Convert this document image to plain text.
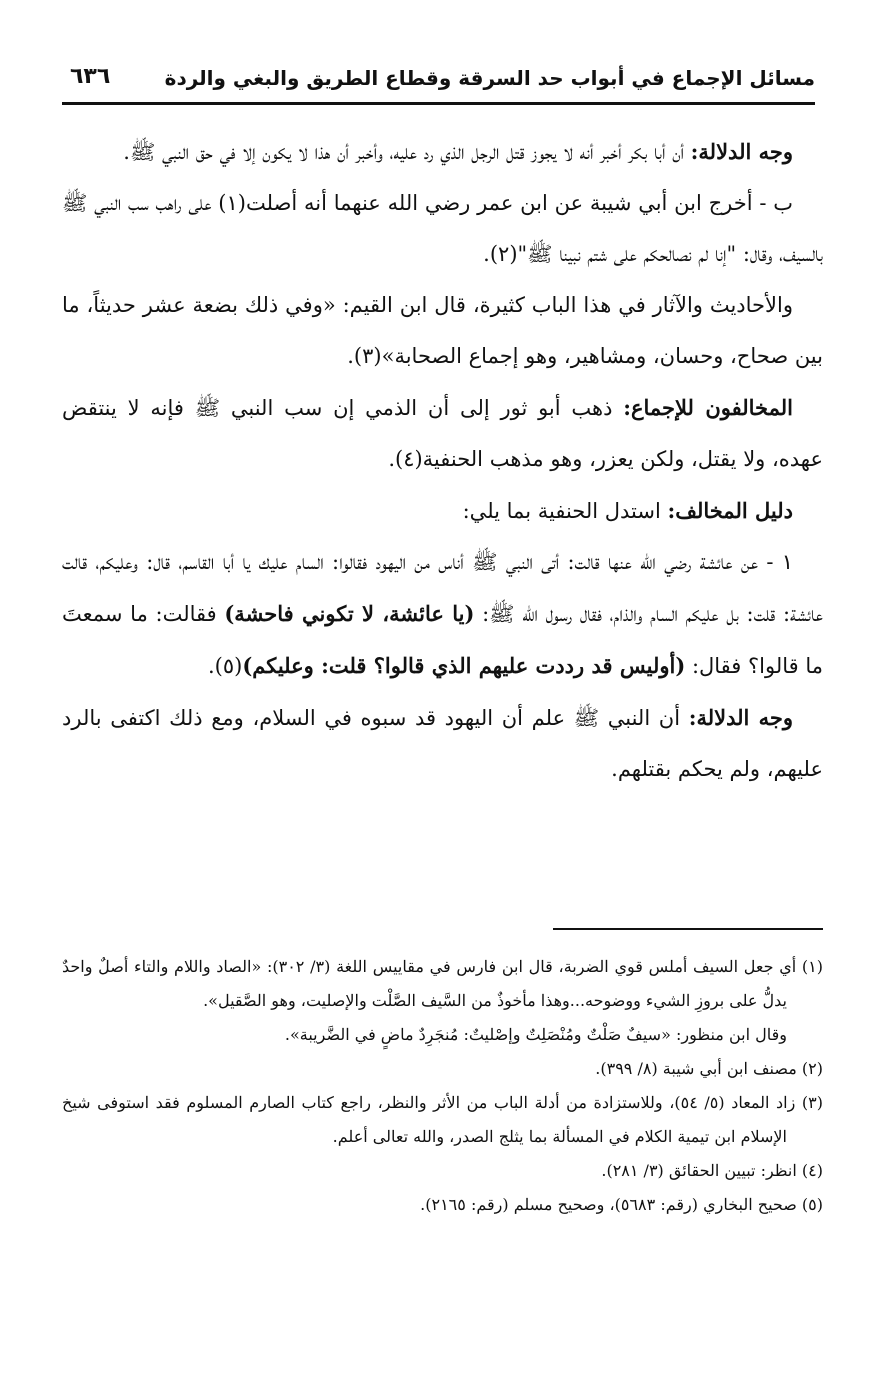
مسائل الإجماع في أبواب حد السرقة وقطاع الطريق والبغي والردة
٦٣٦

وجه الدلالة: أن أبا بكر أخبر أنه لا يجوز قتل الرجل الذي رد عليه، وأخبر أن هذا لا يكون إلا في حق النبي ﷺ.

ب - أخرج ابن أبي شيبة عن ابن عمر رضي الله عنهما أنه أصلت(١) على راهب سب النبي ﷺ بالسيف، وقال: "إنا لم نصالحكم على شتم نبينا ﷺ"(٢).

والأحاديث والآثار في هذا الباب كثيرة، قال ابن القيم: «وفي ذلك بضعة عشر حديثاً، ما بين صحاح، وحسان، ومشاهير، وهو إجماع الصحابة»(٣).

المخالفون للإجماع: ذهب أبو ثور إلى أن الذمي إن سب النبي ﷺ فإنه لا ينتقض عهده، ولا يقتل، ولكن يعزر، وهو مذهب الحنفية(٤).

دليل المخالف: استدل الحنفية بما يلي:

١ - عن عائشة رضي الله عنها قالت: أتى النبي ﷺ أناس من اليهود فقالوا: السام عليك يا أبا القاسم، قال: وعليكم، قالت عائشة: قلت: بل عليكم السام والذام، فقال رسول الله ﷺ: (يا عائشة، لا تكوني فاحشة) فقالت: ما سمعتَ ما قالوا؟ فقال: (أوليس قد رددت عليهم الذي قالوا؟ قلت: وعليكم)(٥).

وجه الدلالة: أن النبي ﷺ علم أن اليهود قد سبوه في السلام، ومع ذلك اكتفى بالرد عليهم، ولم يحكم بقتلهم.

(١) أي جعل السيف أملس قوي الضربة، قال ابن فارس في مقاييس اللغة (٣/ ٣٠٢): «الصاد واللام والتاء أصلٌ واحدٌ يدلُّ على بروزِ الشيء ووضوحه...وهذا مأخوذٌ من السَّيف الصَّلْت والإصليت، وهو الصَّقيل».

وقال ابن منظور: «سيفٌ صَلْتٌ ومُنْصَلِتٌ وإصْليتٌ: مُنجَرِدٌ ماضٍ في الضَّريبة».

(٢) مصنف ابن أبي شيبة (٨/ ٣٩٩).

(٣) زاد المعاد (٥/ ٥٤)، وللاستزادة من أدلة الباب من الأثر والنظر، راجع كتاب الصارم المسلوم فقد استوفى شيخ الإسلام ابن تيمية الكلام في المسألة بما يثلج الصدر، والله تعالى أعلم.

(٤) انظر: تبيين الحقائق (٣/ ٢٨١).

(٥) صحيح البخاري (رقم: ٥٦٨٣)، وصحيح مسلم (رقم: ٢١٦٥).
